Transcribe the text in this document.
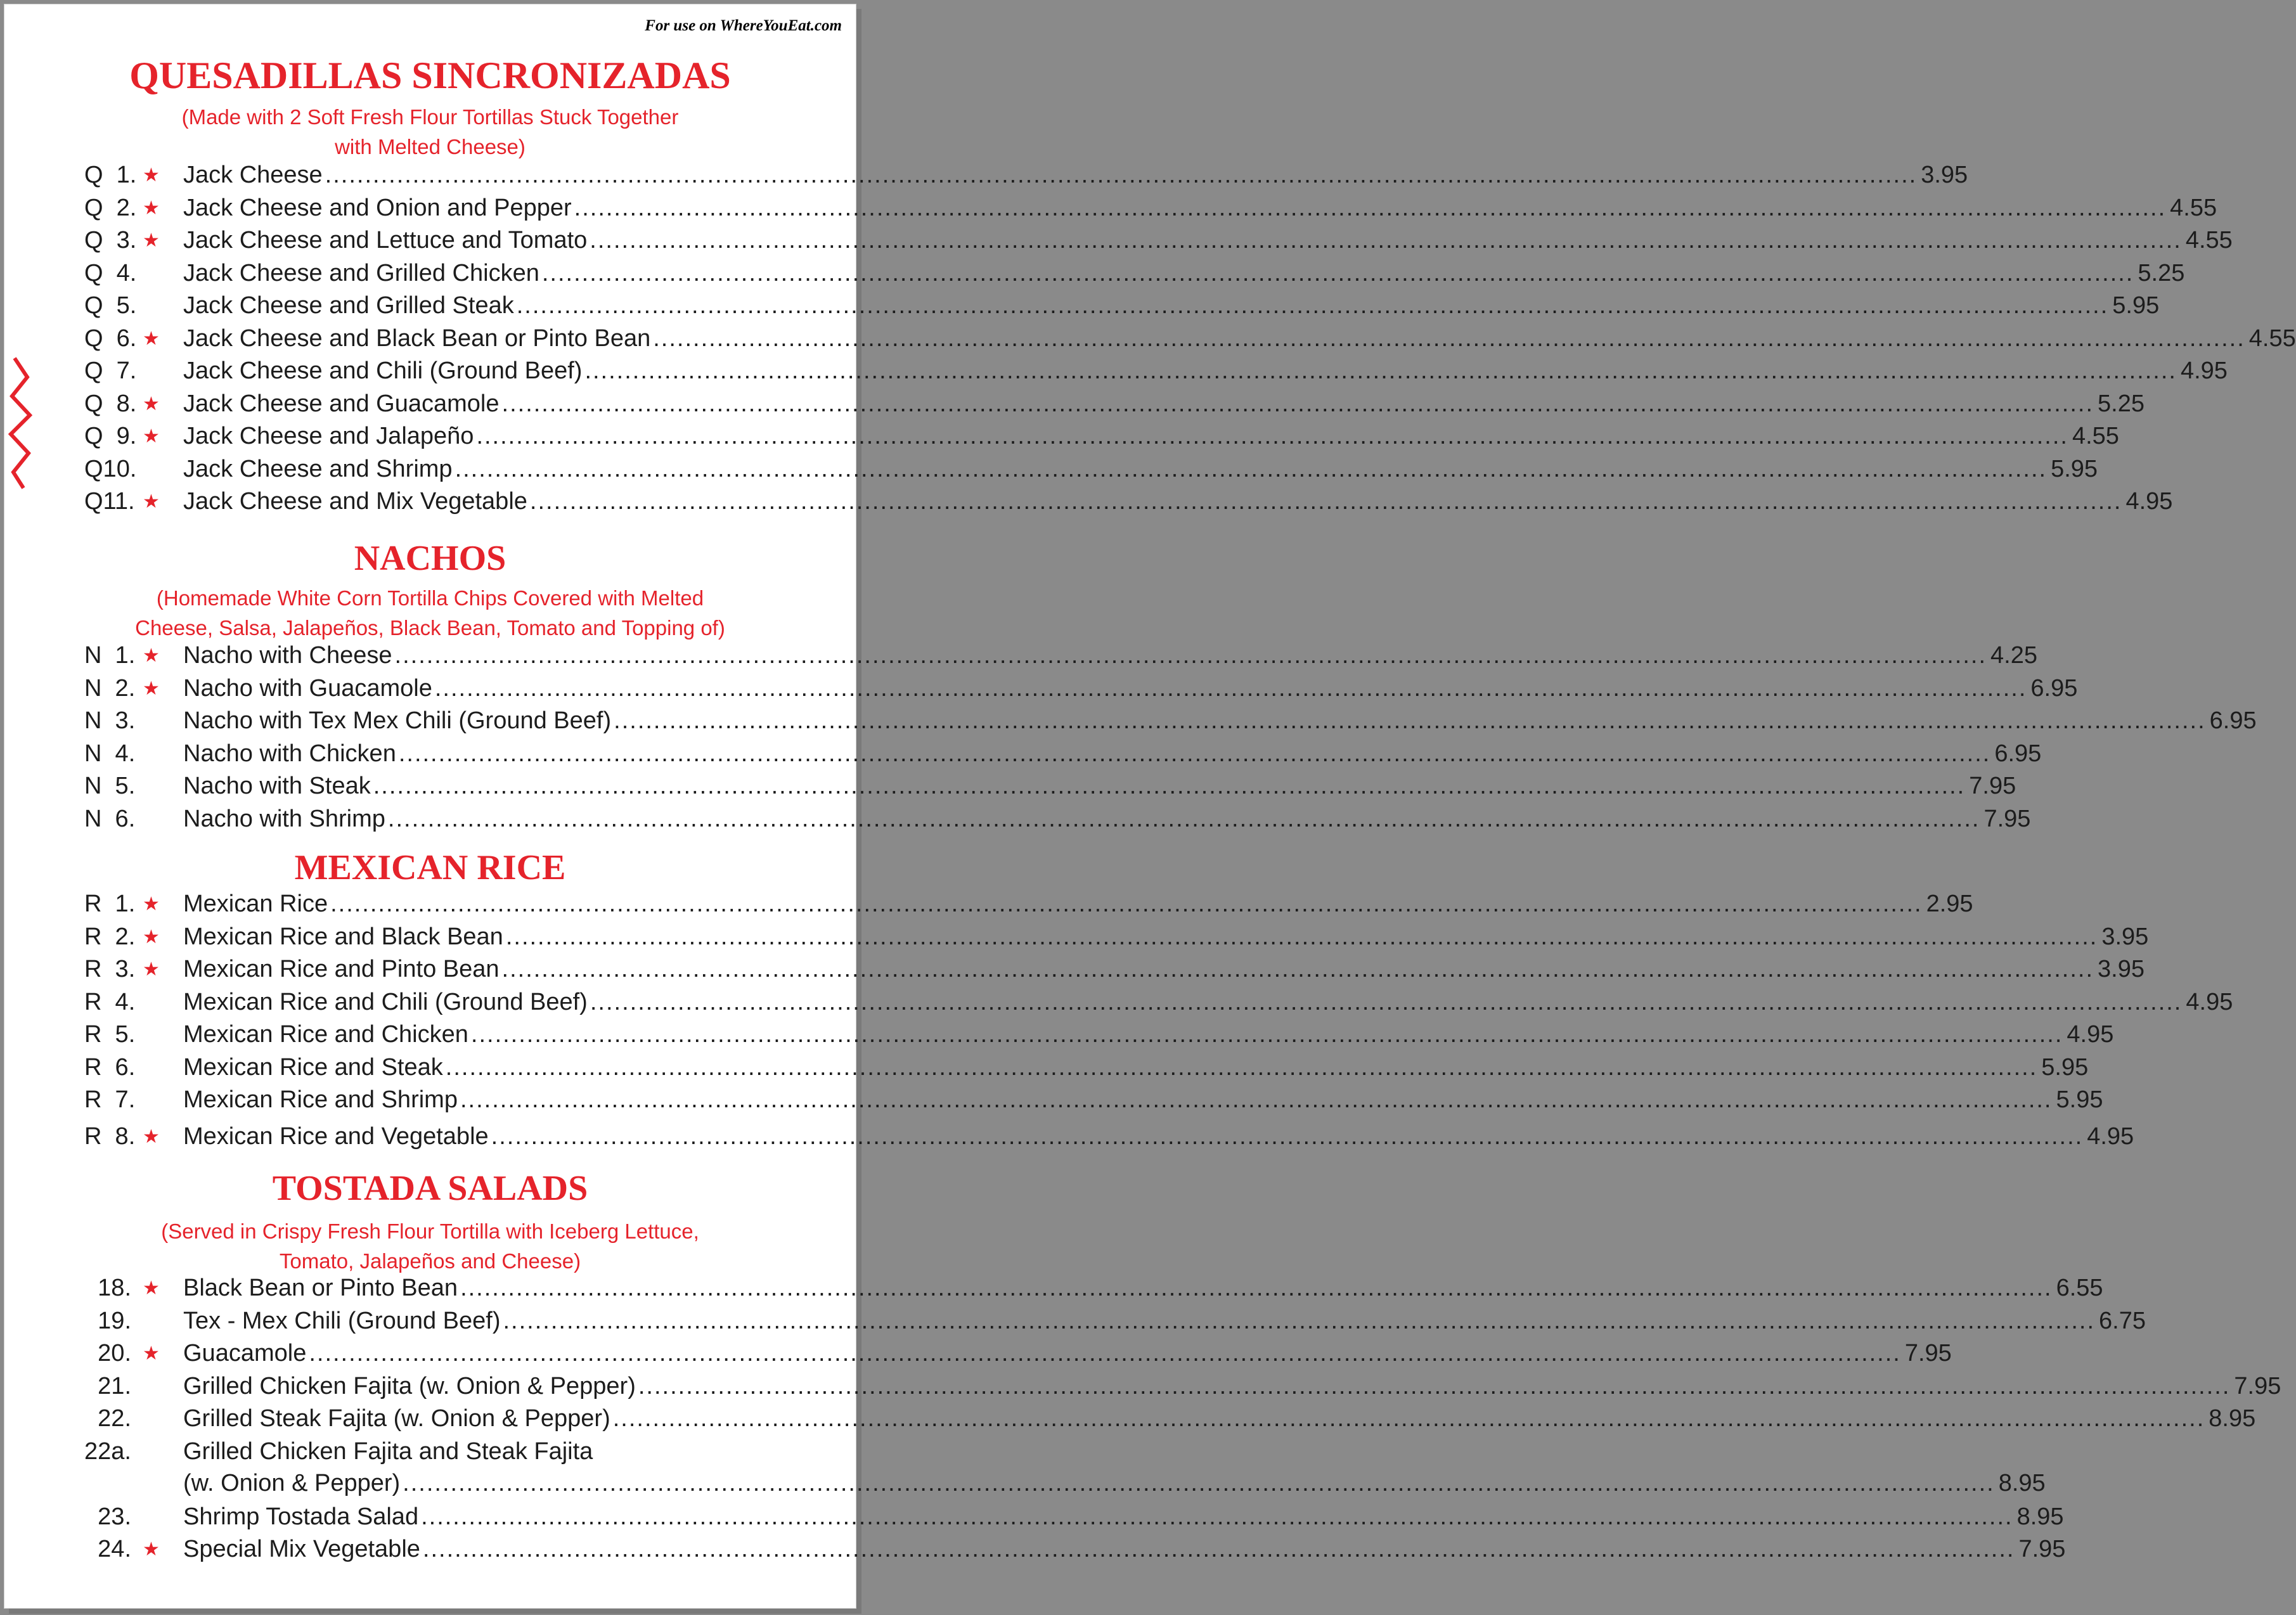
For use on WhereYouEat.com
QUESADILLAS SINCRONIZADAS
(Made with 2 Soft Fresh Flour Tortillas Stuck Together
with Melted Cheese)
Q  1. ★ Jack Cheese ........................................................................................................................................................................................................ 3.95
Q  2. ★ Jack Cheese and Onion and Pepper ........................................................................................................................................................................................................ 4.55
Q  3. ★ Jack Cheese and Lettuce and Tomato ........................................................................................................................................................................................................ 4.55
Q  4. Jack Cheese and Grilled Chicken ........................................................................................................................................................................................................ 5.25
Q  5. Jack Cheese and Grilled Steak ........................................................................................................................................................................................................ 5.95
Q  6. ★ Jack Cheese and Black Bean or Pinto Bean ........................................................................................................................................................................................................ 4.55
Q  7. Jack Cheese and Chili (Ground Beef) ........................................................................................................................................................................................................ 4.95
Q  8. ★ Jack Cheese and Guacamole ........................................................................................................................................................................................................ 5.25
Q  9. ★ Jack Cheese and Jalapeño ........................................................................................................................................................................................................ 4.55
Q10. Jack Cheese and Shrimp ........................................................................................................................................................................................................ 5.95
Q11. ★ Jack Cheese and Mix Vegetable ........................................................................................................................................................................................................ 4.95
NACHOS
(Homemade White Corn Tortilla Chips Covered with Melted
Cheese, Salsa, Jalapeños, Black Bean, Tomato and Topping of)
N  1. ★ Nacho with Cheese ........................................................................................................................................................................................................ 4.25
N  2. ★ Nacho with Guacamole ........................................................................................................................................................................................................ 6.95
N  3. Nacho with Tex Mex Chili (Ground Beef) ........................................................................................................................................................................................................ 6.95
N  4. Nacho with Chicken ........................................................................................................................................................................................................ 6.95
N  5. Nacho with Steak ........................................................................................................................................................................................................ 7.95
N  6. Nacho with Shrimp ........................................................................................................................................................................................................ 7.95
MEXICAN RICE
R  1. ★ Mexican Rice ........................................................................................................................................................................................................ 2.95
R  2. ★ Mexican Rice and Black Bean ........................................................................................................................................................................................................ 3.95
R  3. ★ Mexican Rice and Pinto Bean ........................................................................................................................................................................................................ 3.95
R  4. Mexican Rice and Chili (Ground Beef) ........................................................................................................................................................................................................ 4.95
R  5. Mexican Rice and Chicken ........................................................................................................................................................................................................ 4.95
R  6. Mexican Rice and Steak ........................................................................................................................................................................................................ 5.95
R  7. Mexican Rice and Shrimp ........................................................................................................................................................................................................ 5.95
R  8. ★ Mexican Rice and Vegetable ........................................................................................................................................................................................................ 4.95
TOSTADA SALADS
(Served in Crispy Fresh Flour Tortilla with Iceberg Lettuce,
Tomato, Jalapeños and Cheese)
18. ★ Black Bean or Pinto Bean ........................................................................................................................................................................................................ 6.55
19. Tex - Mex Chili (Ground Beef) ........................................................................................................................................................................................................ 6.75
20. ★ Guacamole ........................................................................................................................................................................................................ 7.95
21. Grilled Chicken Fajita (w. Onion & Pepper) ........................................................................................................................................................................................................ 7.95
22. Grilled Steak Fajita (w. Onion & Pepper) ........................................................................................................................................................................................................ 8.95
22a. Grilled Chicken Fajita and Steak Fajita
(w. Onion & Pepper) ........................................................................................................................................................................................................ 8.95
23. Shrimp Tostada Salad ........................................................................................................................................................................................................ 8.95
24. ★ Special Mix Vegetable ........................................................................................................................................................................................................ 7.95
